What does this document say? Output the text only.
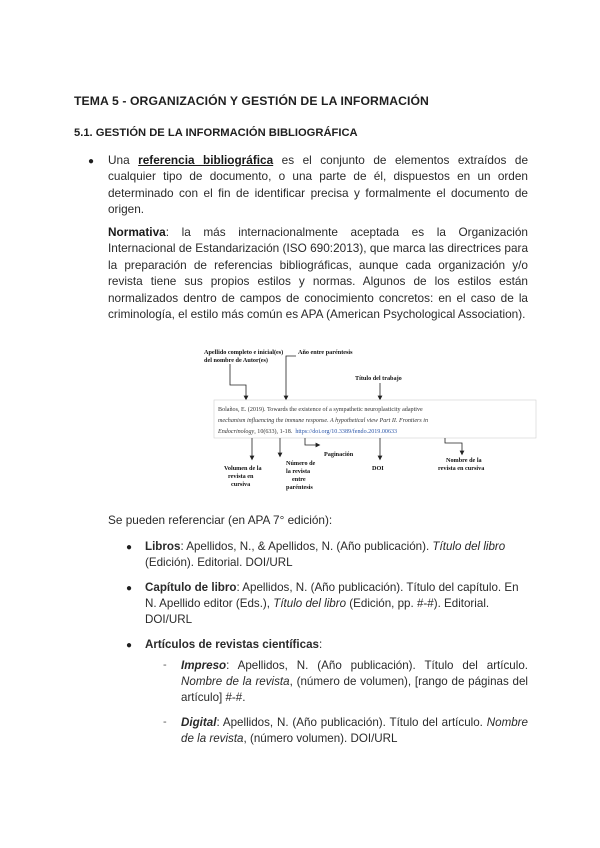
TEMA 5 - ORGANIZACIÓN Y GESTIÓN DE LA INFORMACIÓN
5.1. GESTIÓN DE LA INFORMACIÓN BIBLIOGRÁFICA
● Una referencia bibliográfica es el conjunto de elementos extraídos de cualquier tipo de documento, o una parte de él, dispuestos en un orden determinado con el fin de identificar precisa y formalmente el documento de origen.

Normativa: la más internacionalmente aceptada es la Organización Internacional de Estandarización (ISO 690:2013), que marca las directrices para la preparación de referencias bibliográficas, aunque cada organización y/o revista tiene sus propios estilos y normas. Algunos de los estilos están normalizados dentro de campos de conocimiento concretos: en el caso de la criminología, el estilo más común es APA (American Psychological Association).

Apellido completo e inicial(es)
del nombre de Autor(es)
Año entre paréntesis
Título del trabajo
Bolaños, E. (2019). Towards the existence of a sympathetic neuroplasticity adaptive
mechanism influencing the immune response. A hypothetical view Part II. Frontiers in
Endocrinology, 10(633), 1-18. https://doi.org/10.3389/fendo.2019.00633
Volumen de la
revista en
cursiva
Número de
la revista
entre
paréntesis
Paginación
DOI
Nombre de la
revista en cursiva

Se pueden referenciar (en APA 7° edición):

● Libros: Apellidos, N., & Apellidos, N. (Año publicación). Título del libro (Edición). Editorial. DOI/URL

● Capítulo de libro: Apellidos, N. (Año publicación). Título del capítulo. En N. Apellido editor (Eds.), Título del libro (Edición, pp. #-#). Editorial. DOI/URL

● Artículos de revistas científicas:

- Impreso: Apellidos, N. (Año publicación). Título del artículo. Nombre de la revista, (número de volumen), [rango de páginas del artículo] #-#.

- Digital: Apellidos, N. (Año publicación). Título del artículo. Nombre de la revista, (número volumen). DOI/URL
